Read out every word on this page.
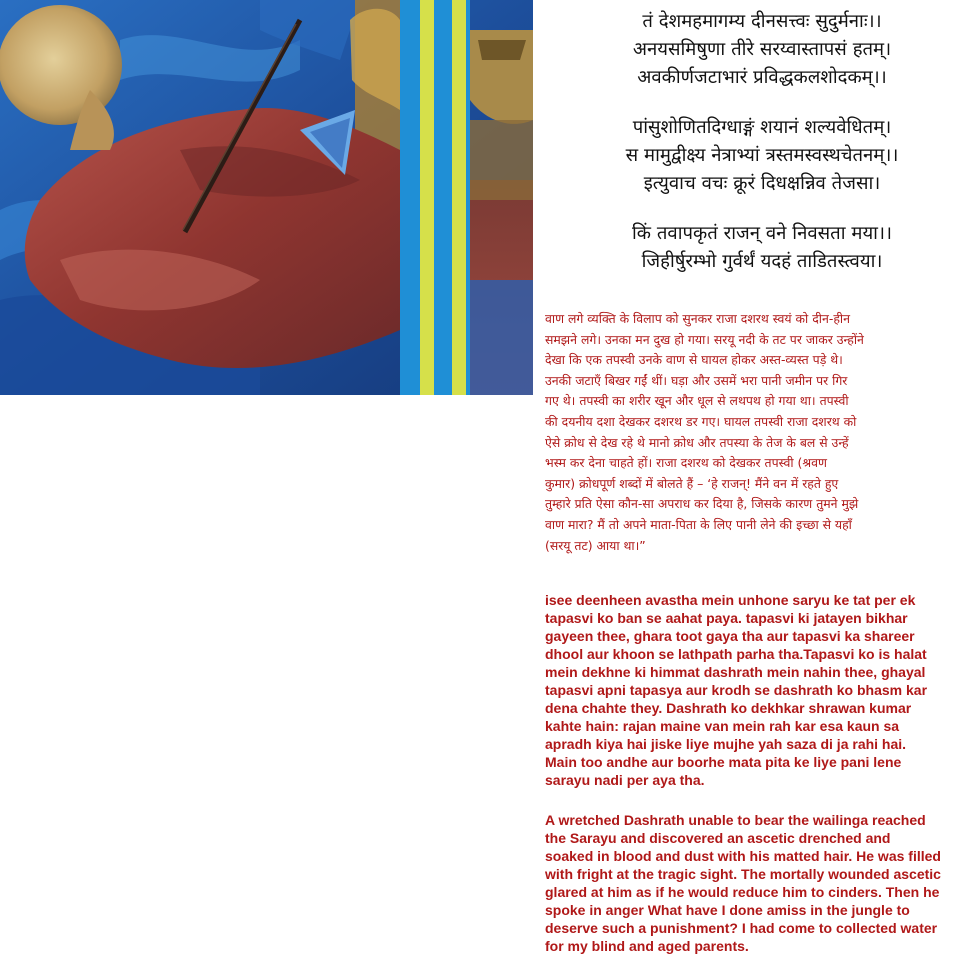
तं देशमहमागम्य दीनसत्त्वः सुदुर्मनाः।।
अनयसमिषुणा तीरे सरय्वास्तापसं हतम्।
अवकीर्णजटाभारं प्रविद्धकलशोदकम्।।
पांसुशोणितदिग्धाङ्गं शयानं शल्यवेधितम्।
स मामुद्वीक्ष्य नेत्राभ्यां त्रस्तमस्वस्थचेतनम्।।
इत्युवाच वचः क्रूरं दिधक्षन्निव तेजसा।
किं तवापकृतं राजन् वने निवसता मया।।
जिहीर्षुरम्भो गुर्वर्थं यदहं ताडितस्त्वया।
वाण लगे व्यक्ति के विलाप को सुनकर राजा दशरथ स्वयं को दीन-हीन
समझने लगे। उनका मन दुख हो गया। सरयू नदी के तट पर जाकर उन्होंने
देखा कि एक तपस्वी उनके वाण से घायल होकर अस्त-व्यस्त पड़े थे।
उनकी जटाएँ बिखर गईं थीं। घड़ा और उसमें भरा पानी जमीन पर गिर
गए थे। तपस्वी का शरीर खून और धूल से लथपथ हो गया था। तपस्वी
की दयनीय दशा देखकर दशरथ डर गए। घायल तपस्वी राजा दशरथ को
ऐसे क्रोध से देख रहे थे मानो क्रोध और तपस्या के तेज के बल से उन्हें
भस्म कर देना चाहते हों। राजा दशरथ को देखकर तपस्वी (श्रवण
कुमार) क्रोधपूर्ण शब्दों में बोलते हैं – ‘हे राजन्! मैंने वन में रहते हुए
तुम्हारे प्रति ऐसा कौन-सा अपराध कर दिया है, जिसके कारण तुमने मुझे
वाण मारा? मैं तो अपने माता-पिता के लिए पानी लेने की इच्छा से यहाँ
(सरयू तट) आया था।”
isee deenheen avastha mein unhone saryu ke tat per ek
tapasvi ko ban se aahat paya. tapasvi ki jatayen bikhar
gayeen thee, ghara toot gaya tha aur tapasvi ka shareer
dhool aur khoon se lathpath parha tha.Tapasvi ko is halat
mein dekhne ki himmat dashrath mein nahin thee, ghayal
tapasvi apni tapasya aur krodh se dashrath ko bhasm kar
dena chahte they. Dashrath ko dekhkar shrawan kumar
kahte hain: rajan maine van mein rah kar esa kaun sa
apradh kiya hai jiske liye mujhe yah saza di ja rahi hai.
Main too andhe aur boorhe mata pita ke liye pani lene
sarayu nadi per aya tha.
A wretched Dashrath unable to bear the wailinga reached
the Sarayu and discovered an ascetic drenched and
soaked in blood and dust with his matted hair. He was filled
with fright at the tragic sight. The mortally wounded ascetic
glared at him as if he would reduce him to cinders. Then he
spoke in anger What have I done amiss in the jungle to
deserve such a punishment? I had come to collected water
for my blind and aged parents.
